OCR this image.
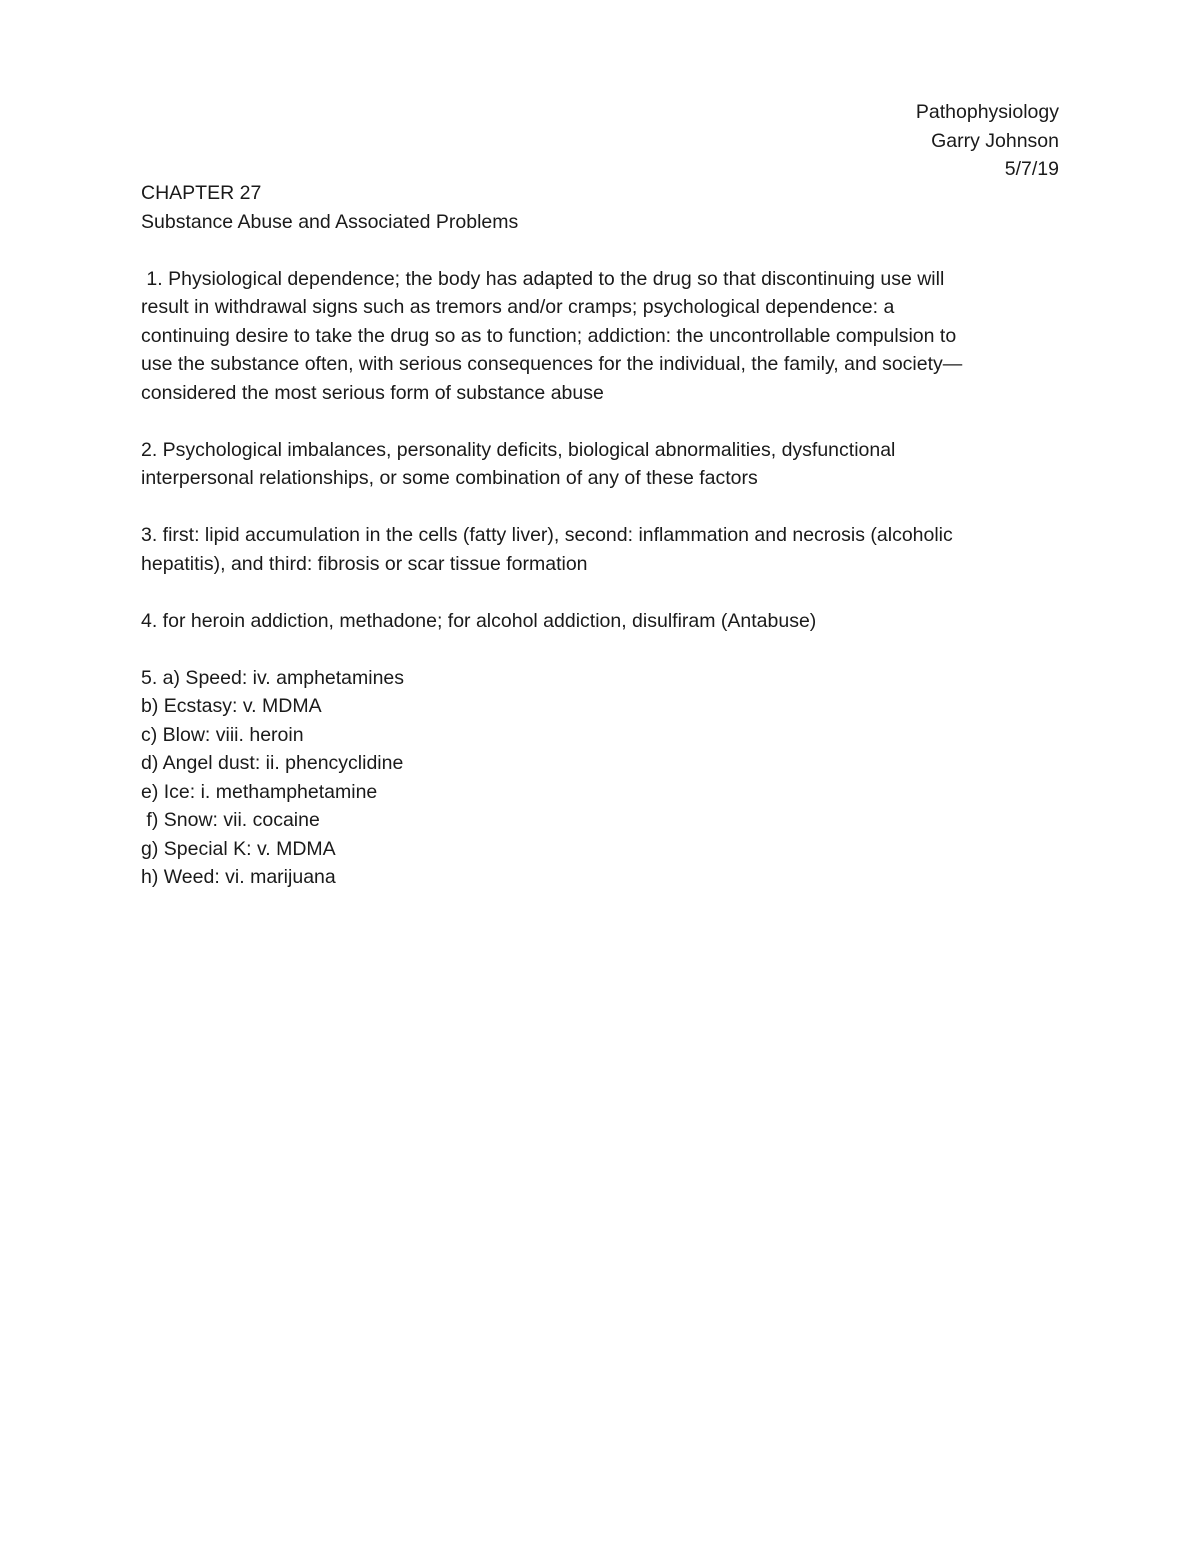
Pathophysiology
Garry Johnson
5/7/19
CHAPTER 27
Substance Abuse and Associated Problems
1. Physiological dependence; the body has adapted to the drug so that discontinuing use will
result in withdrawal signs such as tremors and/or cramps; psychological dependence: a
continuing desire to take the drug so as to function; addiction: the uncontrollable compulsion to
use the substance often, with serious consequences for the individual, the family, and society—
considered the most serious form of substance abuse
2. Psychological imbalances, personality deficits, biological abnormalities, dysfunctional
interpersonal relationships, or some combination of any of these factors
3. first: lipid accumulation in the cells (fatty liver), second: inflammation and necrosis (alcoholic
hepatitis), and third: fibrosis or scar tissue formation
4. for heroin addiction, methadone; for alcohol addiction, disulfiram (Antabuse)
5. a) Speed: iv. amphetamines
b) Ecstasy: v. MDMA
c) Blow: viii. heroin
d) Angel dust: ii. phencyclidine
e) Ice: i. methamphetamine
f) Snow: vii. cocaine
g) Special K: v. MDMA
h) Weed: vi. marijuana
